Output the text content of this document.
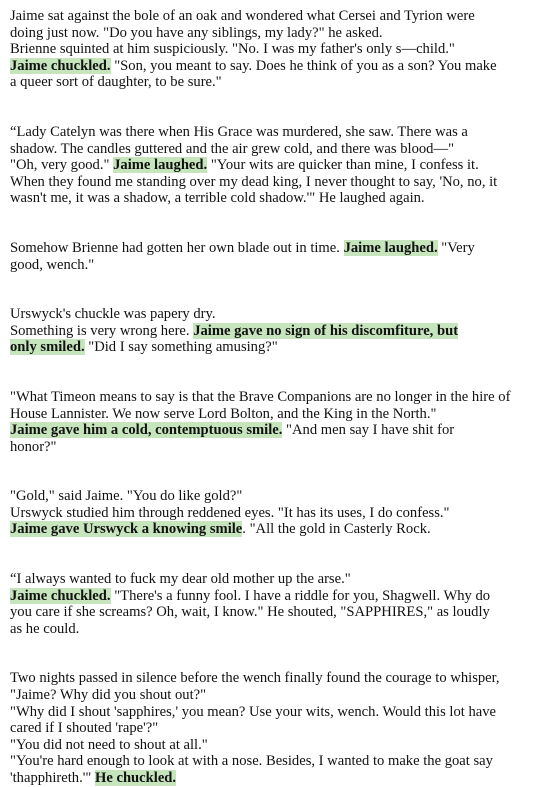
Jaime sat against the bole of an oak and wondered what Cersei and Tyrion were
doing just now. "Do you have any siblings, my lady?" he asked.
Brienne squinted at him suspiciously. "No. I was my father's only s—child."
Jaime chuckled. "Son, you meant to say. Does he think of you as a son? You make
a queer sort of daughter, to be sure."
“Lady Catelyn was there when His Grace was murdered, she saw. There was a
shadow. The candles guttered and the air grew cold, and there was blood—"
"Oh, very good." Jaime laughed. "Your wits are quicker than mine, I confess it.
When they found me standing over my dead king, I never thought to say, 'No, no, it
wasn't me, it was a shadow, a terrible cold shadow.'" He laughed again.
Somehow Brienne had gotten her own blade out in time. Jaime laughed. "Very
good, wench."
Urswyck's chuckle was papery dry.
Something is very wrong here. Jaime gave no sign of his discomfiture, but
only smiled. "Did I say something amusing?"
"What Timeon means to say is that the Brave Companions are no longer in the hire of
House Lannister. We now serve Lord Bolton, and the King in the North."
Jaime gave him a cold, contemptuous smile. "And men say I have shit for
honor?"
"Gold," said Jaime. "You do like gold?"
Urswyck studied him through reddened eyes. "It has its uses, I do confess."
Jaime gave Urswyck a knowing smile. "All the gold in Casterly Rock.
“I always wanted to fuck my dear old mother up the arse."
Jaime chuckled. "There's a funny fool. I have a riddle for you, Shagwell. Why do
you care if she screams? Oh, wait, I know." He shouted, "SAPPHIRES," as loudly
as he could.
Two nights passed in silence before the wench finally found the courage to whisper,
"Jaime? Why did you shout out?"
"Why did I shout 'sapphires,' you mean? Use your wits, wench. Would this lot have
cared if I shouted 'rape'?"
"You did not need to shout at all."
"You're hard enough to look at with a nose. Besides, I wanted to make the goat say
'thapphireth.'" He chuckled.
